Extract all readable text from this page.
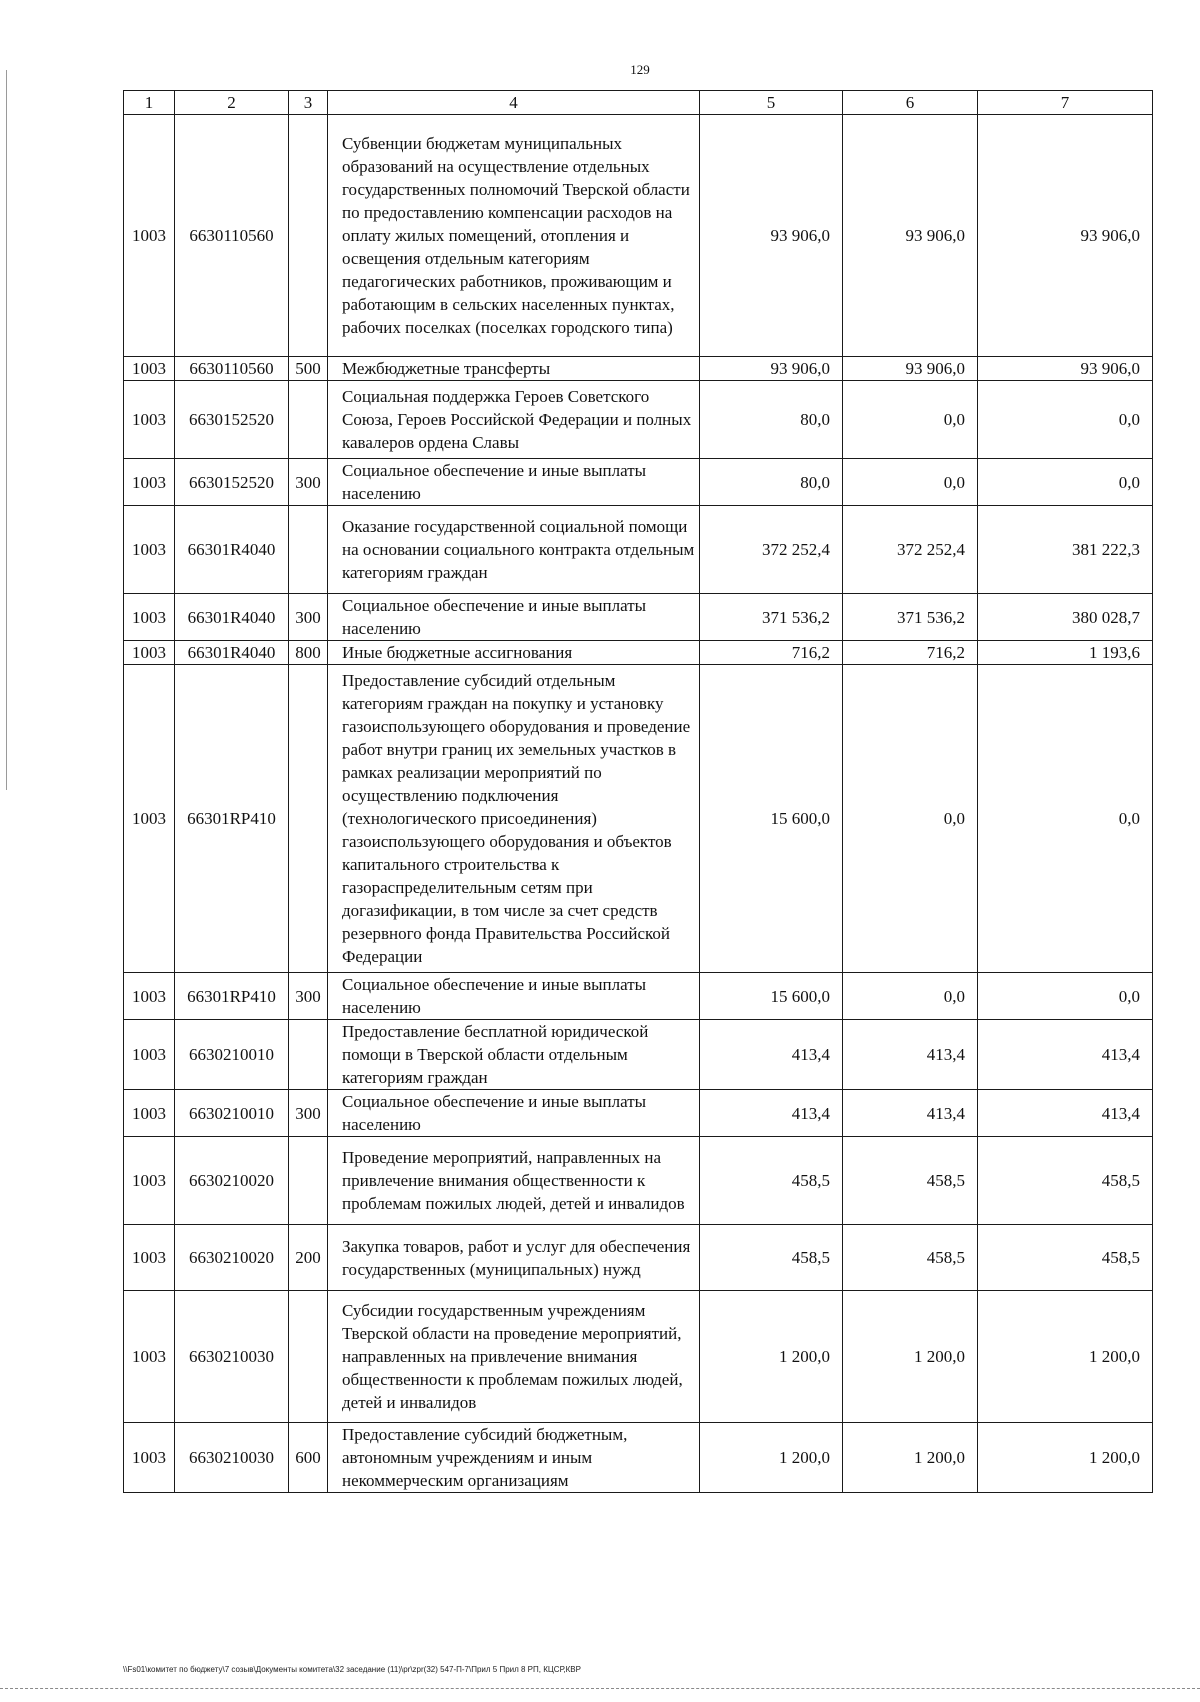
129
1	2	3	4	5	6	7
1003	6630110560		Субвенции бюджетам муниципальных образований на осуществление отдельных государственных полномочий Тверской области по предоставлению компенсации расходов на оплату жилых помещений, отопления и освещения отдельным категориям педагогических работников, проживающим и работающим в сельских населенных пунктах, рабочих поселках (поселках городского типа)	93 906,0	93 906,0	93 906,0
1003	6630110560	500	Межбюджетные трансферты	93 906,0	93 906,0	93 906,0
1003	6630152520		Социальная поддержка Героев Советского Союза, Героев Российской Федерации и полных кавалеров ордена Славы	80,0	0,0	0,0
1003	6630152520	300	Социальное обеспечение и иные выплаты населению	80,0	0,0	0,0
1003	66301R4040		Оказание государственной социальной помощи на основании социального контракта отдельным категориям граждан	372 252,4	372 252,4	381 222,3
1003	66301R4040	300	Социальное обеспечение и иные выплаты населению	371 536,2	371 536,2	380 028,7
1003	66301R4040	800	Иные бюджетные ассигнования	716,2	716,2	1 193,6
1003	66301RP410		Предоставление субсидий отдельным категориям граждан на покупку и установку газоиспользующего оборудования и проведение работ внутри границ их земельных участков в рамках реализации мероприятий по осуществлению подключения (технологического присоединения) газоиспользующего оборудования и объектов капитального строительства к газораспределительным сетям при догазификации, в том числе за счет средств резервного фонда Правительства Российской Федерации	15 600,0	0,0	0,0
1003	66301RP410	300	Социальное обеспечение и иные выплаты населению	15 600,0	0,0	0,0
1003	6630210010		Предоставление бесплатной юридической помощи в Тверской области отдельным категориям граждан	413,4	413,4	413,4
1003	6630210010	300	Социальное обеспечение и иные выплаты населению	413,4	413,4	413,4
1003	6630210020		Проведение мероприятий, направленных на привлечение внимания общественности к проблемам пожилых людей, детей и инвалидов	458,5	458,5	458,5
1003	6630210020	200	Закупка товаров, работ и услуг для обеспечения государственных (муниципальных) нужд	458,5	458,5	458,5
1003	6630210030		Субсидии государственным учреждениям Тверской области на проведение мероприятий, направленных на привлечение внимания общественности к проблемам пожилых людей, детей и инвалидов	1 200,0	1 200,0	1 200,0
1003	6630210030	600	Предоставление субсидий бюджетным, автономным учреждениям и иным некоммерческим организациям	1 200,0	1 200,0	1 200,0
\\Fs01\комитет по бюджету\7 созыв\Документы комитета\32 заседание (11)\pr\zpr(32) 547-П-7\Прил 5 Прил 8 РП, КЦСР,КВР
